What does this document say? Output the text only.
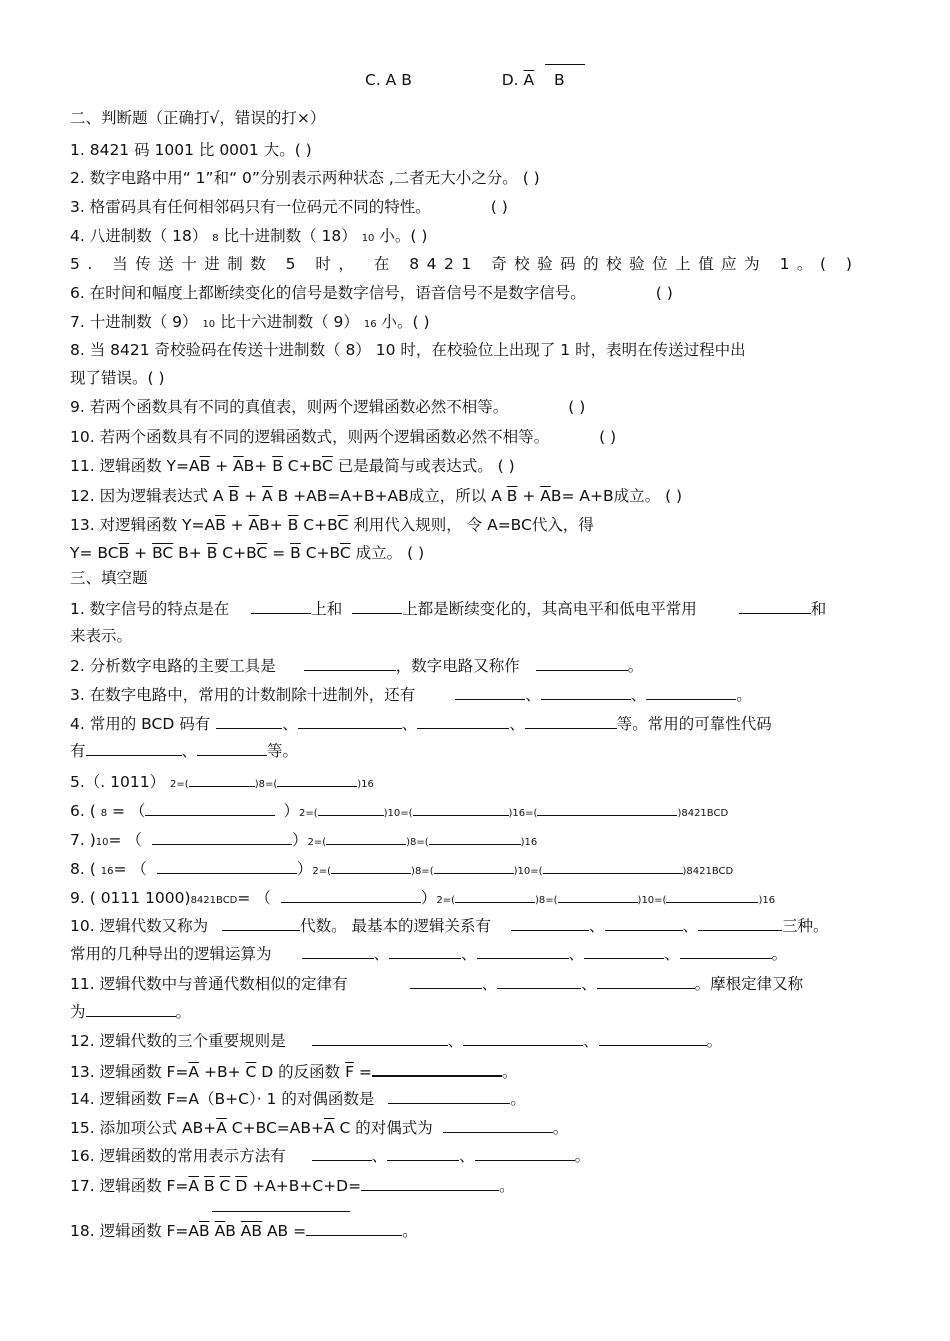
C. A B	D. $\overline{A}$ B
二、判断题（正确打√，错误的打×）
1. 8421 码 1001 比 0001 大。( )
2. 数字电路中用“ 1”和“ 0”分别表示两种状态 ,二者无大小之分。 ( )
3. 格雷码具有任何相邻码只有一位码元不同的特性。	( )
4. 八进制数（ 18） 8 比十进制数（ 18） 10 小。( )
5. 当传送十进制数 5 时， 在 8421 奇校验码的校验位上值应为 1。( )
6. 在时间和幅度上都断续变化的信号是数字信号，语音信号不是数字信号。	( )
7. 十进制数（ 9） 10 比十六进制数（ 9） 16 小。( )
8. 当 8421 奇校验码在传送十进制数（ 8） 10 时，在校验位上出现了 1 时，表明在传送过程中出
现了错误。( )
9. 若两个函数具有不同的真值表，则两个逻辑函数必然不相等。	( )
10. 若两个函数具有不同的逻辑函数式，则两个逻辑函数必然不相等。	( )
11. 逻辑函数 $Y=A\overline{B} + \overline{A}B+ \overline{B}$ $C+B\overline{C}$ 已是最简与或表达式。 ( )
12. 因为逻辑表达式 A $\overline{B} + \overline{A}$ B +AB=A+B+AB成立，所以 A $\overline{B} + \overline{A}B= A+B$成立。 ( )
13. 对逻辑函数 $Y=A\overline{B} + \overline{A}B+ \overline{B}$ $C+B\overline{C}$ 利用代入规则， 令 A=BC代入，得
$Y= BC\overline{B} + \overline{BC}$ $B+ \overline{B}$ $C+B\overline{C} = \overline{B}$ $C+B\overline{C}$ 成立。 ( )
三、填空题
1. 数字信号的特点是在	上和	上都是断续变化的，其高电平和低电平常用	和
来表示。
2. 分析数字电路的主要工具是	，数字电路又称作	。
3. 在数字电路中，常用的计数制除十进制外，还有	、	、	。
4. 常用的 BCD 码有	、	、	、	等。常用的可靠性代码
有	、	等。
5.（. 1011） 2=(	)8=(	)16
6. ( 8 = （	）2=(	)10=(	)16=(	)8421BCD
7. )10= （	）2=(	)8=(	)16
8. ( 16= （	）2=(	)8=(	)10=(	)8421BCD
9. ( 0111 1000)8421BCD= （	）2=(	)8=(	)10=(	)16
10. 逻辑代数又称为	代数。 最基本的逻辑关系有	、	、	三种。
常用的几种导出的逻辑运算为	、	、	、	、	。
11. 逻辑代数中与普通代数相似的定律有	、	、	。摩根定律又称
为	。
12. 逻辑代数的三个重要规则是	、	、	。
13. 逻辑函数 $F=\overline{A} +B+ \overline{C}$ D 的反函数 $\overline{F}$ =	。
14. 逻辑函数 F=A（B+C）· 1 的对偶函数是	。
15. 添加项公式 $AB+\overline{A}$ $C+BC=AB+\overline{A}$ C 的对偶式为	。
16. 逻辑函数的常用表示方法有	、	、	。
17. 逻辑函数 $F=\overline{A}$ $\overline{B}$ $\overline{C}$ $\overline{D} +A+B+C+D=$	。
18. 逻辑函数 $F=A\overline{B}$ $\overline{A}B$ $\overline{AB}$ AB =	。
